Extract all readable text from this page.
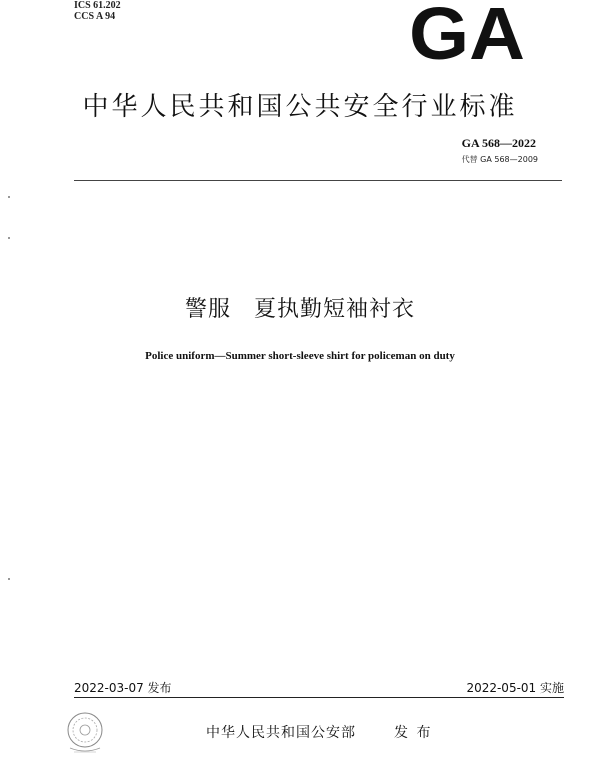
ICS 61.202
CCS A 94	GA
中华人民共和国公共安全行业标准
GA 568—2022
代替 GA 568—2009
警服　夏执勤短袖衬衣
Police uniform—Summer short-sleeve shirt for policeman on duty
2022-03-07 发布	2022-05-01 实施
中华人民共和国公安部	发 布
